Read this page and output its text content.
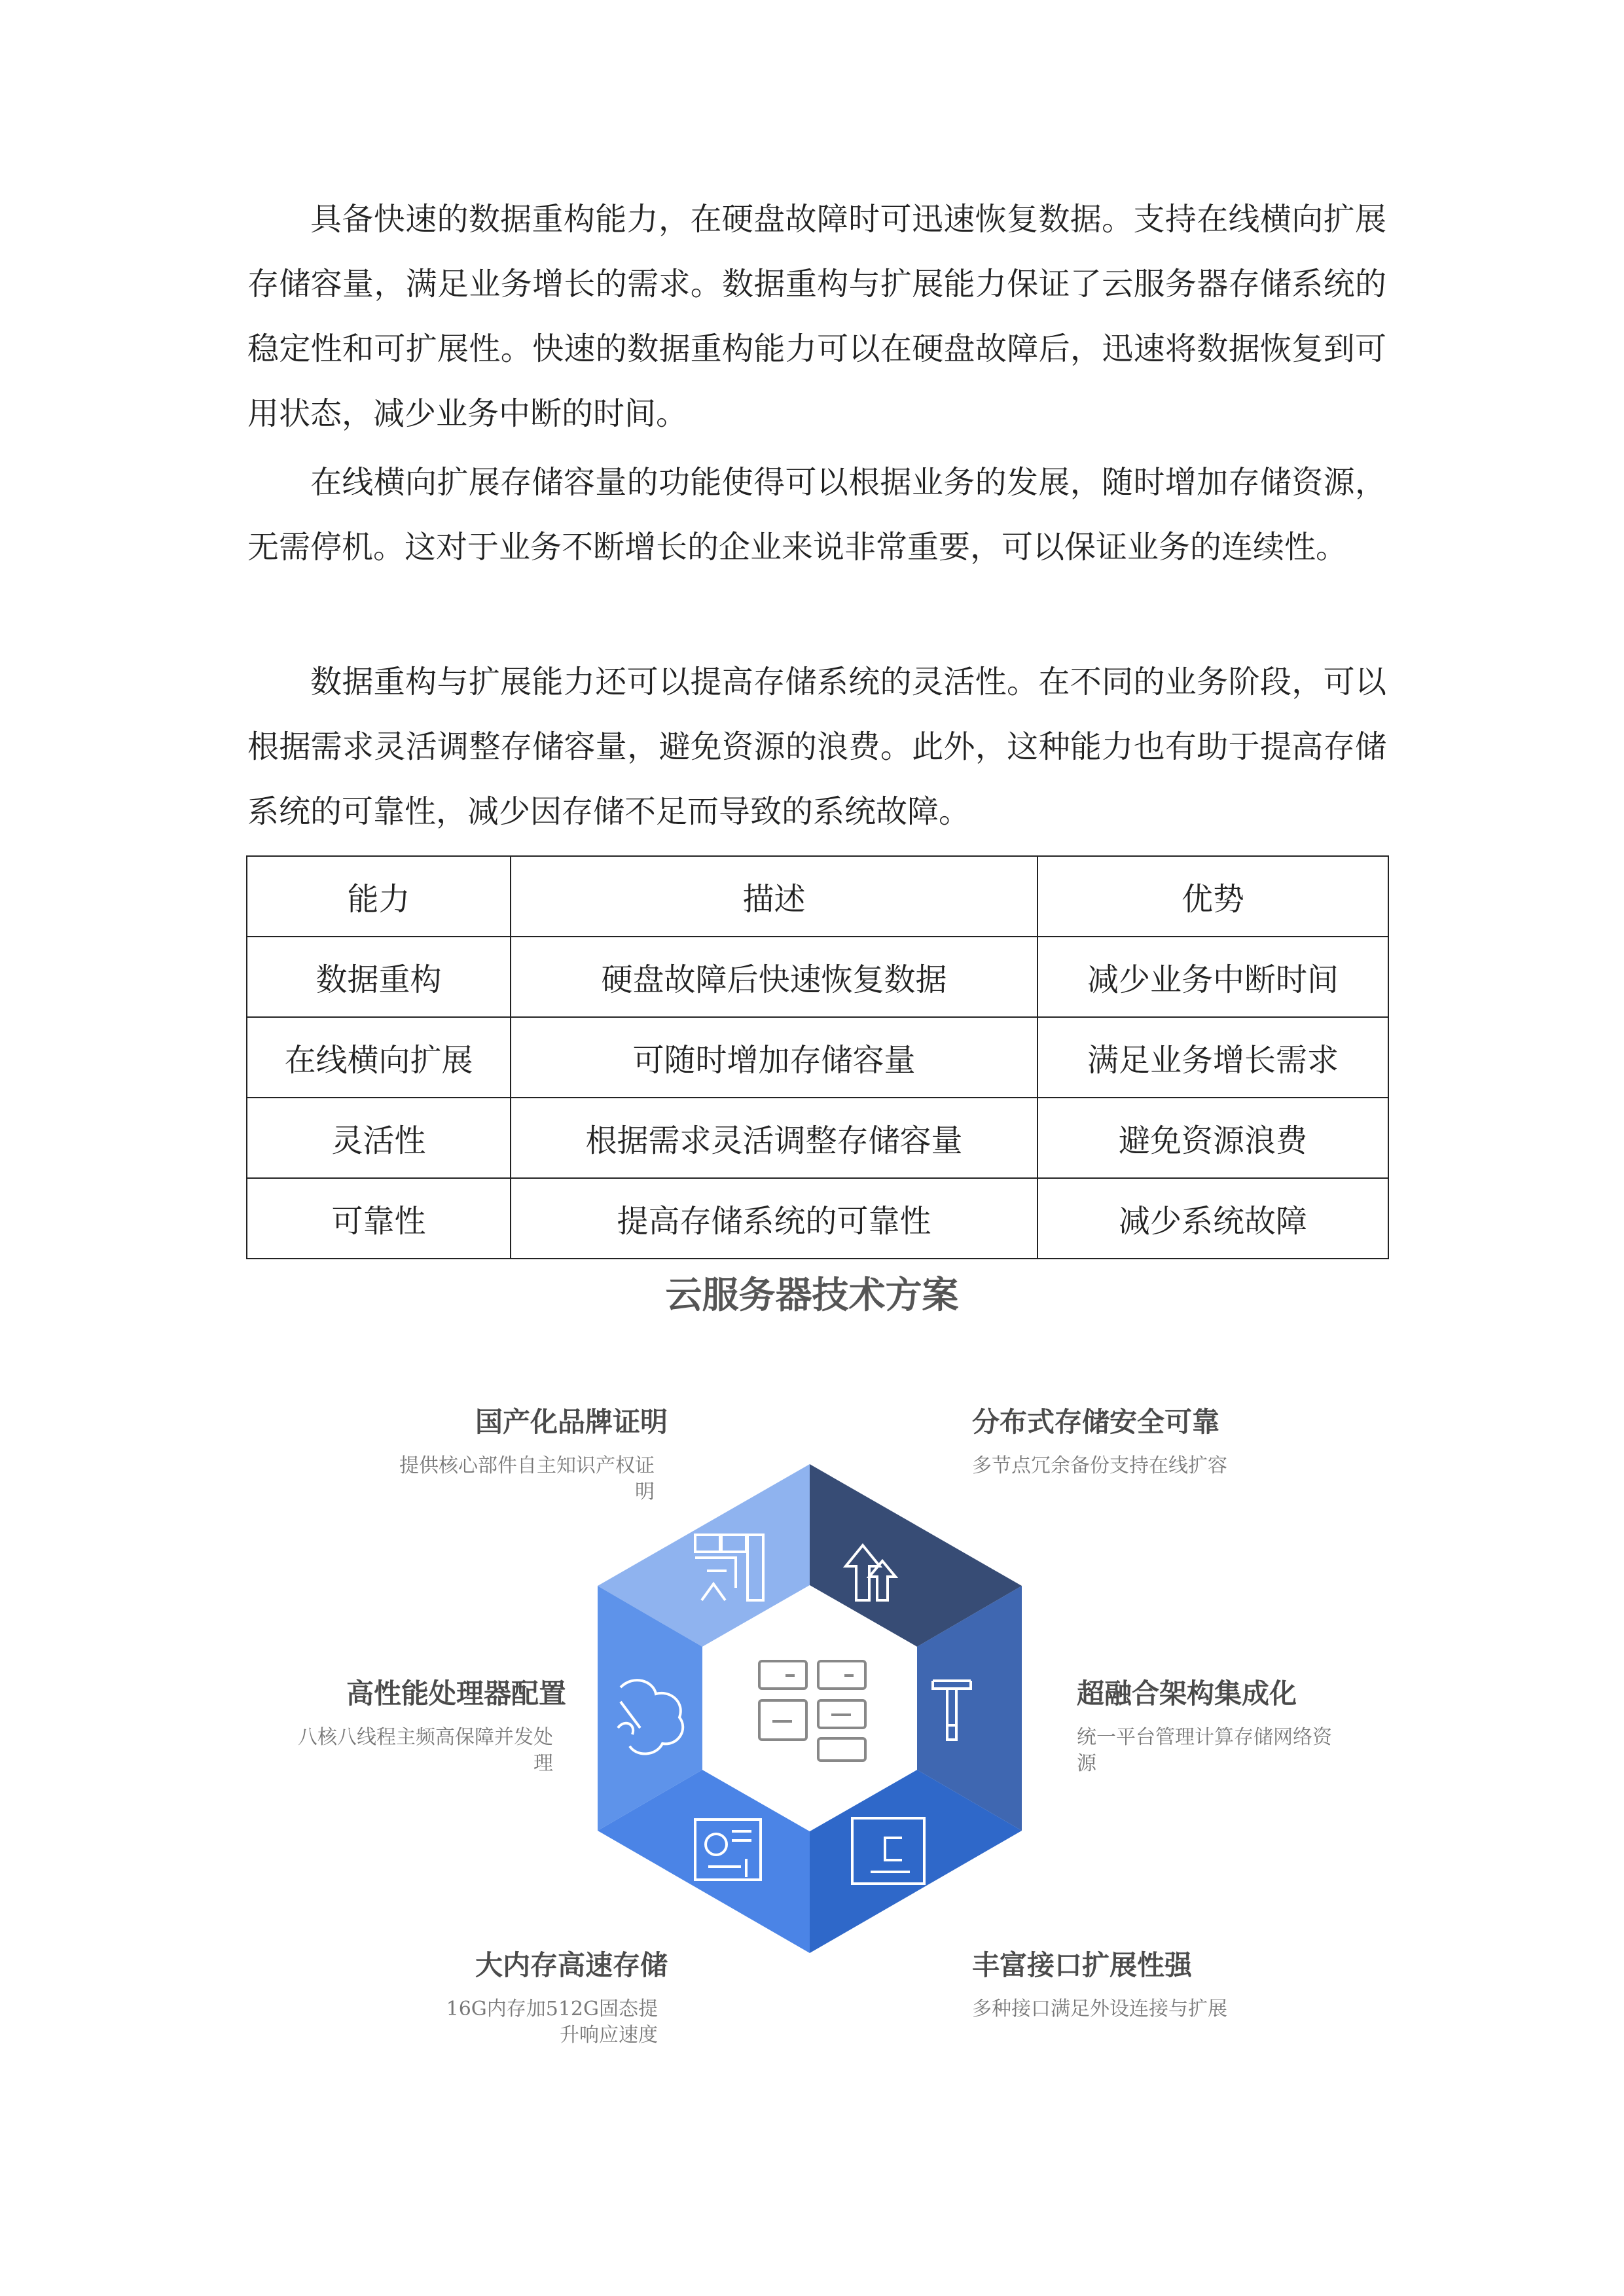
具备快速的数据重构能力，在硬盘故障时可迅速恢复数据。支持在线横向扩展存储容量，满足业务增长的需求。数据重构与扩展能力保证了云服务器存储系统的稳定性和可扩展性。快速的数据重构能力可以在硬盘故障后，迅速将数据恢复到可用状态，减少业务中断的时间。

在线横向扩展存储容量的功能使得可以根据业务的发展，随时增加存储资源，无需停机。这对于业务不断增长的企业来说非常重要，可以保证业务的连续性。

数据重构与扩展能力还可以提高存储系统的灵活性。在不同的业务阶段，可以根据需求灵活调整存储容量，避免资源的浪费。此外，这种能力也有助于提高存储系统的可靠性，减少因存储不足而导致的系统故障。

能力	描述	优势
数据重构	硬盘故障后快速恢复数据	减少业务中断时间
在线横向扩展	可随时增加存储容量	满足业务增长需求
灵活性	根据需求灵活调整存储容量	避免资源浪费
可靠性	提高存储系统的可靠性	减少系统故障
云服务器技术方案
国产化品牌证明
提供核心部件自主知识产权证
明
高性能处理器配置
八核八线程主频高保障并发处
理
大内存高速存储
16G内存加512G固态提
升响应速度
分布式存储安全可靠
多节点冗余备份支持在线扩容
超融合架构集成化
统一平台管理计算存储网络资
源
丰富接口扩展性强
多种接口满足外设连接与扩展
